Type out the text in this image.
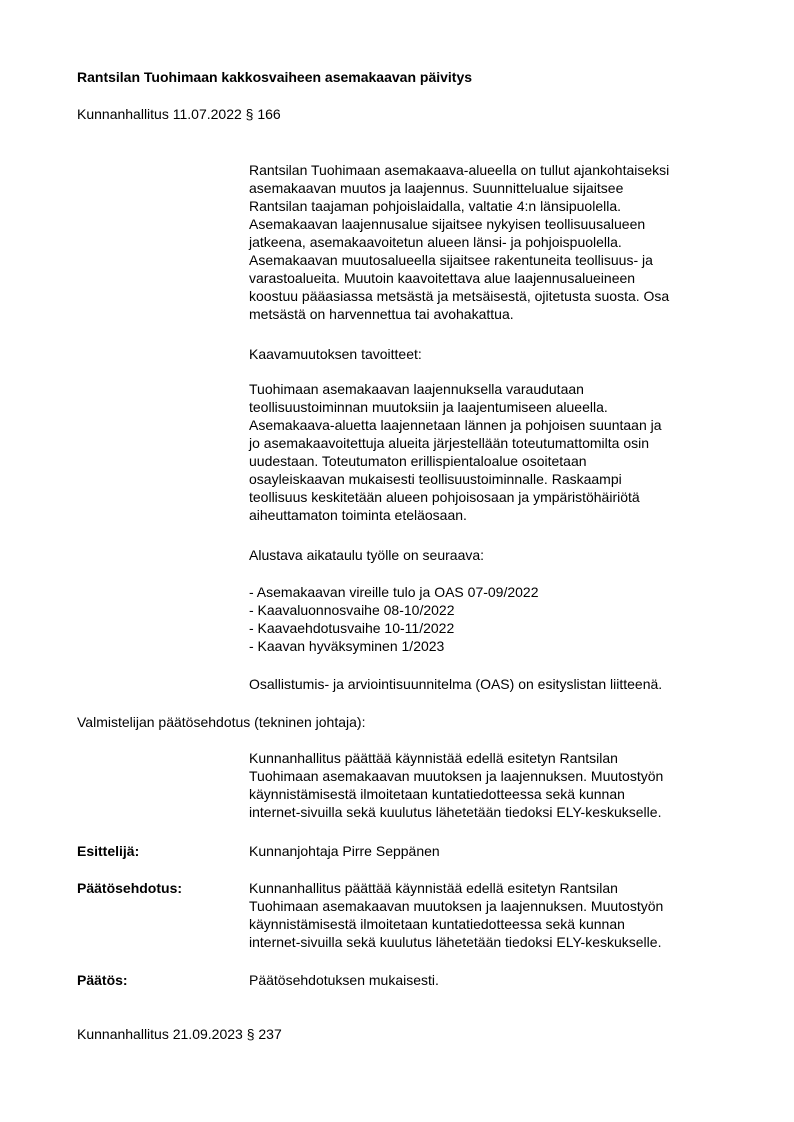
Rantsilan Tuohimaan kakkosvaiheen asemakaavan päivitys
Kunnanhallitus 11.07.2022 § 166
Rantsilan Tuohimaan asemakaava-alueella on tullut ajankohtaiseksi
asemakaavan muutos ja laajennus. Suunnittelualue sijaitsee
Rantsilan taajaman pohjoislaidalla, valtatie 4:n länsipuolella.
Asemakaavan laajennusalue sijaitsee nykyisen teollisuusalueen
jatkeena, asemakaavoitetun alueen länsi- ja pohjoispuolella.
Asemakaavan muutosalueella sijaitsee rakentuneita teollisuus- ja
varastoalueita. Muutoin kaavoitettava alue laajennusalueineen
koostuu pääasiassa metsästä ja metsäisestä, ojitetusta suosta. Osa
metsästä on harvennettua tai avohakattua.
Kaavamuutoksen tavoitteet:
Tuohimaan asemakaavan laajennuksella varaudutaan
teollisuustoiminnan muutoksiin ja laajentumiseen alueella.
Asemakaava-aluetta laajennetaan lännen ja pohjoisen suuntaan ja
jo asemakaavoitettuja alueita järjestellään toteutumattomilta osin
uudestaan. Toteutumaton erillispientaloalue osoitetaan
osayleiskaavan mukaisesti teollisuustoiminnalle. Raskaampi
teollisuus keskitetään alueen pohjoisosaan ja ympäristöhäiriötä
aiheuttamaton toiminta eteläosaan.
Alustava aikataulu työlle on seuraava:
- Asemakaavan vireille tulo ja OAS 07-09/2022
- Kaavaluonnosvaihe 08-10/2022
- Kaavaehdotusvaihe 10-11/2022
- Kaavan hyväksyminen 1/2023
Osallistumis- ja arviointisuunnitelma (OAS) on esityslistan liitteenä.
Valmistelijan päätösehdotus (tekninen johtaja):
Kunnanhallitus päättää käynnistää edellä esitetyn Rantsilan
Tuohimaan asemakaavan muutoksen ja laajennuksen. Muutostyön
käynnistämisestä ilmoitetaan kuntatiedotteessa sekä kunnan
internet-sivuilla sekä kuulutus lähetetään tiedoksi ELY-keskukselle.
Esittelijä:	Kunnanjohtaja Pirre Seppänen
Päätösehdotus:	Kunnanhallitus päättää käynnistää edellä esitetyn Rantsilan
Tuohimaan asemakaavan muutoksen ja laajennuksen. Muutostyön
käynnistämisestä ilmoitetaan kuntatiedotteessa sekä kunnan
internet-sivuilla sekä kuulutus lähetetään tiedoksi ELY-keskukselle.
Päätös:	Päätösehdotuksen mukaisesti.
Kunnanhallitus 21.09.2023 § 237
